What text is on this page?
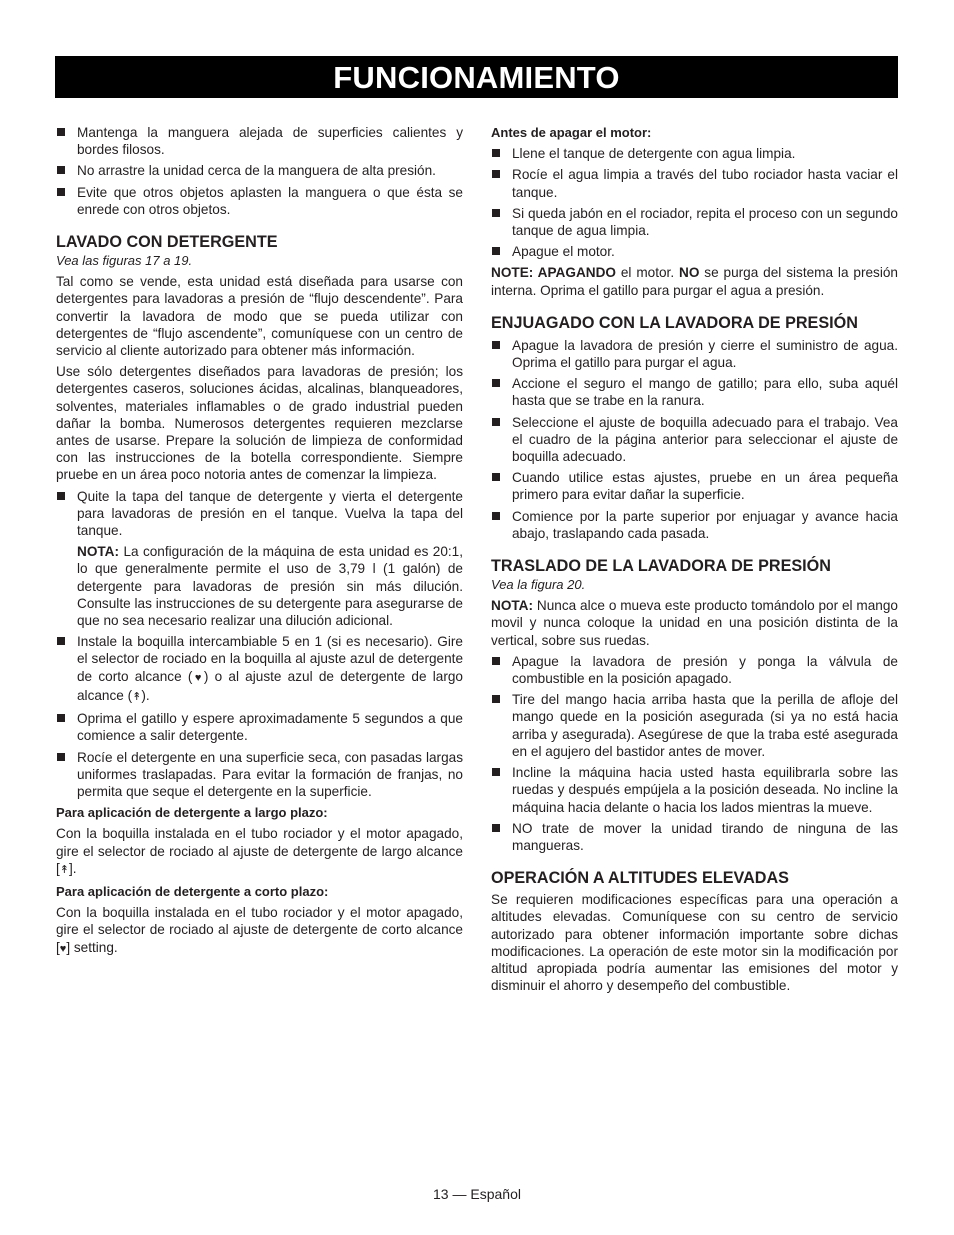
FUNCIONAMIENTO
Mantenga la manguera alejada de superficies calientes y bordes filosos.
No arrastre la unidad cerca de la manguera de alta presión.
Evite que otros objetos aplasten la manguera o que ésta se enrede con otros objetos.
LAVADO CON DETERGENTE
Vea las figuras 17 a 19.

Tal como se vende, esta unidad está diseñada para usarse con detergentes para lavadoras a presión de “flujo descendente”. Para convertir la lavadora de modo que se pueda utilizar con detergentes de “flujo ascendente”, comuníquese con un centro de servicio al cliente autorizado para obtener más información.

Use sólo detergentes diseñados para lavadoras de presión; los detergentes caseros, soluciones ácidas, alcalinas, blanqueadores, solventes, materiales inflamables o de grado industrial pueden dañar la bomba. Numerosos detergentes requieren mezclarse antes de usarse. Prepare la solución de limpieza de conformidad con las instrucciones de la botella correspondiente. Siempre pruebe en un área poco notoria antes de comenzar la limpieza.

Quite la tapa del tanque de detergente y vierta el detergente para lavadoras de presión en el tanque. Vuelva la tapa del tanque.

NOTA: La configuración de la máquina de esta unidad es 20:1, lo que generalmente permite el uso de 3,79 l (1 galón) de detergente para lavadoras de presión sin más dilución. Consulte las instrucciones de su detergente para asegurarse de que no sea necesario realizar una dilución adicional.

Instale la boquilla intercambiable 5 en 1 (si es necesario). Gire el selector de rociado en la boquilla al ajuste azul de detergente de corto alcance (♥) o al ajuste azul de detergente de largo alcance (↟).
Oprima el gatillo y espere aproximadamente 5 segundos a que comience a salir detergente.
Rocíe el detergente en una superficie seca, con pasadas largas uniformes traslapadas. Para evitar la formación de franjas, no permita que seque el detergente en la superficie.
Para aplicación de detergente a largo plazo:

Con la boquilla instalada en el tubo rociador y el motor apagado, gire el selector de rociado al ajuste de detergente de largo alcance [↟].

Para aplicación de detergente a corto plazo:

Con la boquilla instalada en el tubo rociador y el motor apagado, gire el selector de rociado al ajuste de detergente de corto alcance [♥] setting.

Antes de apagar el motor:
Llene el tanque de detergente con agua limpia.
Rocíe el agua limpia a través del tubo rociador hasta vaciar el tanque.
Si queda jabón en el rociador, repita el proceso con un segundo tanque de agua limpia.
Apague el motor.

NOTE: APAGANDO el motor. NO se purga del sistema la presión interna. Oprima el gatillo para purgar el agua a presión.

ENJUAGADO CON LA LAVADORA DE PRESIÓN
Apague la lavadora de presión y cierre el suministro de agua. Oprima el gatillo para purgar el agua.
Accione el seguro el mango de gatillo; para ello, suba aquél hasta que se trabe en la ranura.
Seleccione el ajuste de boquilla adecuado para el trabajo. Vea el cuadro de la página anterior para seleccionar el ajuste de boquilla adecuado.
Cuando utilice estas ajustes, pruebe en un área pequeña primero para evitar dañar la superficie.
Comience por la parte superior por enjuagar y avance hacia abajo, traslapando cada pasada.
TRASLADO DE LA LAVADORA DE PRESIÓN
Vea la figura 20.

NOTA: Nunca alce o mueva este producto tomándolo por el mango movil y nunca coloque la unidad en una posición distinta de la vertical, sobre sus ruedas.

Apague la lavadora de presión y ponga la válvula de combustible en la posición apagado.
Tire del mango hacia arriba hasta que la perilla de afloje del mango quede en la posición asegurada (si ya no está hacia arriba y asegurada). Asegúrese de que la traba esté asegurada en el agujero del bastidor antes de mover.
Incline la máquina hacia usted hasta equilibrarla sobre las ruedas y después empújela a la posición deseada. No incline la máquina hacia delante o hacia los lados mientras la mueve.
NO trate de mover la unidad tirando de ninguna de las mangueras.
OPERACIÓN A ALTITUDES ELEVADAS

Se requieren modificaciones específicas para una operación a altitudes elevadas. Comuníquese con su centro de servicio autorizado para obtener información importante sobre dichas modificaciones. La operación de este motor sin la modificación por altitud apropiada podría aumentar las emisiones del motor y disminuir el ahorro y desempeño del combustible.

13 — Español
